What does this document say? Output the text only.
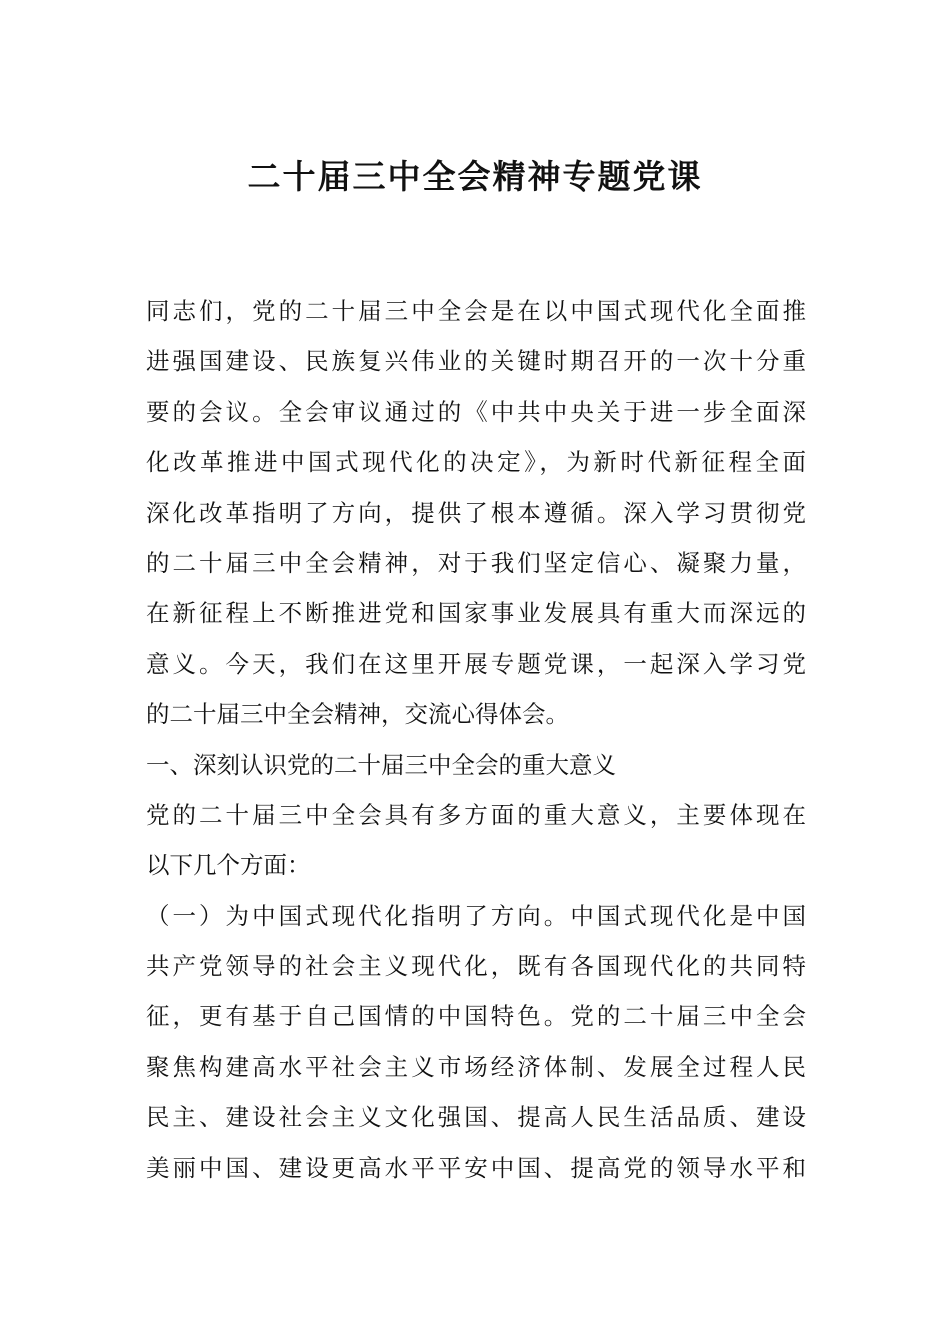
二十届三中全会精神专题党课
同志们，党的二十届三中全会是在以中国式现代化全面推
进强国建设、民族复兴伟业的关键时期召开的一次十分重
要的会议。全会审议通过的《中共中央关于进一步全面深
化改革推进中国式现代化的决定》，为新时代新征程全面
深化改革指明了方向，提供了根本遵循。深入学习贯彻党
的二十届三中全会精神，对于我们坚定信心、凝聚力量，
在新征程上不断推进党和国家事业发展具有重大而深远的
意义。今天，我们在这里开展专题党课，一起深入学习党
的二十届三中全会精神，交流心得体会。
一、深刻认识党的二十届三中全会的重大意义
党的二十届三中全会具有多方面的重大意义，主要体现在
以下几个方面：
（一）为中国式现代化指明了方向。中国式现代化是中国
共产党领导的社会主义现代化，既有各国现代化的共同特
征，更有基于自己国情的中国特色。党的二十届三中全会
聚焦构建高水平社会主义市场经济体制、发展全过程人民
民主、建设社会主义文化强国、提高人民生活品质、建设
美丽中国、建设更高水平平安中国、提高党的领导水平和
